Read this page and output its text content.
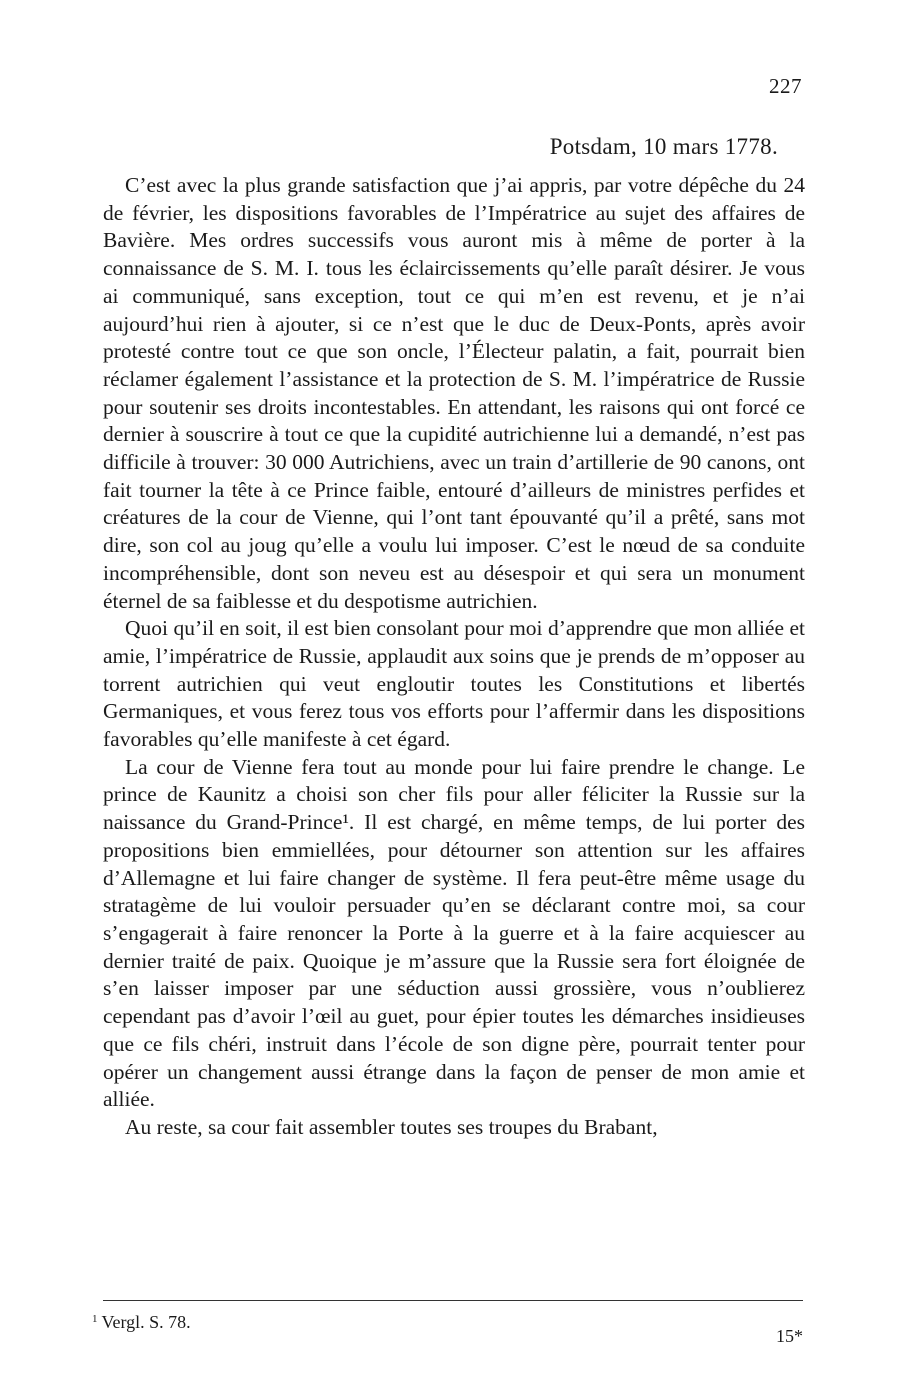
227
Potsdam, 10 mars 1778.

C’est avec la plus grande satisfaction que j’ai appris, par votre dépêche du 24 de février, les dispositions favorables de l’Impératrice au sujet des affaires de Bavière. Mes ordres successifs vous auront mis à même de porter à la connaissance de S. M. I. tous les éclaircissements qu’elle paraît désirer. Je vous ai communiqué, sans exception, tout ce qui m’en est revenu, et je n’ai aujourd’hui rien à ajouter, si ce n’est que le duc de Deux-Ponts, après avoir protesté contre tout ce que son oncle, l’Électeur palatin, a fait, pourrait bien réclamer également l’assistance et la protection de S. M. l’impératrice de Russie pour soutenir ses droits incontestables. En attendant, les raisons qui ont forcé ce dernier à souscrire à tout ce que la cupidité autrichienne lui a demandé, n’est pas difficile à trouver: 30 000 Autrichiens, avec un train d’artillerie de 90 canons, ont fait tourner la tête à ce Prince faible, entouré d’ailleurs de ministres perfides et créatures de la cour de Vienne, qui l’ont tant épouvanté qu’il a prêté, sans mot dire, son col au joug qu’elle a voulu lui imposer. C’est le nœud de sa conduite incompréhensible, dont son neveu est au désespoir et qui sera un monument éternel de sa faiblesse et du despotisme autrichien.

Quoi qu’il en soit, il est bien consolant pour moi d’apprendre que mon alliée et amie, l’impératrice de Russie, applaudit aux soins que je prends de m’opposer au torrent autrichien qui veut engloutir toutes les Constitutions et libertés Germaniques, et vous ferez tous vos efforts pour l’affermir dans les dispositions favorables qu’elle manifeste à cet égard.

La cour de Vienne fera tout au monde pour lui faire prendre le change. Le prince de Kaunitz a choisi son cher fils pour aller féliciter la Russie sur la naissance du Grand-Prince¹. Il est chargé, en même temps, de lui porter des propositions bien emmiellées, pour détourner son attention sur les affaires d’Allemagne et lui faire changer de système. Il fera peut-être même usage du stratagème de lui vouloir persuader qu’en se déclarant contre moi, sa cour s’engagerait à faire renoncer la Porte à la guerre et à la faire acquiescer au dernier traité de paix. Quoique je m’assure que la Russie sera fort éloignée de s’en laisser imposer par une séduction aussi grossière, vous n’oublierez cependant pas d’avoir l’œil au guet, pour épier toutes les démarches insidieuses que ce fils chéri, instruit dans l’école de son digne père, pourrait tenter pour opérer un changement aussi étrange dans la façon de penser de mon amie et alliée.

Au reste, sa cour fait assembler toutes ses troupes du Brabant,

$^1$ Vergl. S. 78.
15*
